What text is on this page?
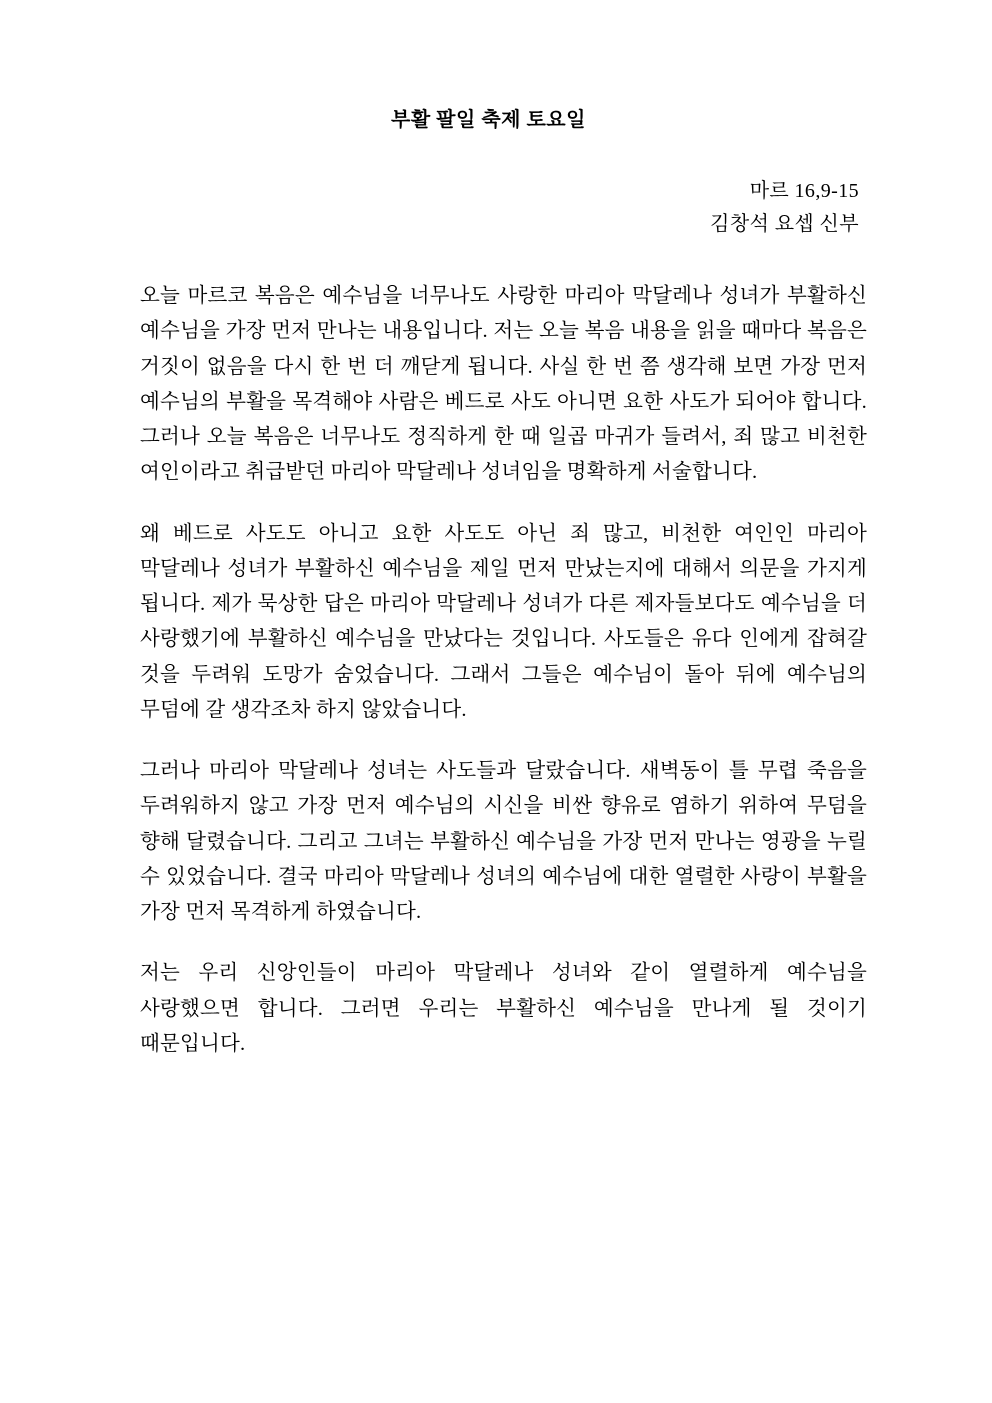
부활 팔일 축제 토요일
마르 16,9-15
김창석 요셉 신부

오늘 마르코 복음은 예수님을 너무나도 사랑한 마리아 막달레나 성녀가 부활하신 예수님을 가장 먼저 만나는 내용입니다. 저는 오늘 복음 내용을 읽을 때마다 복음은 거짓이 없음을 다시 한 번 더 깨닫게 됩니다. 사실 한 번 쯤 생각해 보면 가장 먼저 예수님의 부활을 목격해야 사람은 베드로 사도 아니면 요한 사도가 되어야 합니다. 그러나 오늘 복음은 너무나도 정직하게 한 때 일곱 마귀가 들려서, 죄 많고 비천한 여인이라고 취급받던 마리아 막달레나 성녀임을 명확하게 서술합니다.

왜 베드로 사도도 아니고 요한 사도도 아닌 죄 많고, 비천한 여인인 마리아 막달레나 성녀가 부활하신 예수님을 제일 먼저 만났는지에 대해서 의문을 가지게 됩니다. 제가 묵상한 답은 마리아 막달레나 성녀가 다른 제자들보다도 예수님을 더 사랑했기에 부활하신 예수님을 만났다는 것입니다. 사도들은 유다 인에게 잡혀갈 것을 두려워 도망가 숨었습니다. 그래서 그들은 예수님이 돌아 뒤에 예수님의 무덤에 갈 생각조차 하지 않았습니다.

그러나 마리아 막달레나 성녀는 사도들과 달랐습니다. 새벽동이 틀 무렵 죽음을 두려워하지 않고 가장 먼저 예수님의 시신을 비싼 향유로 염하기 위하여 무덤을 향해 달렸습니다. 그리고 그녀는 부활하신 예수님을 가장 먼저 만나는 영광을 누릴 수 있었습니다. 결국 마리아 막달레나 성녀의 예수님에 대한 열렬한 사랑이 부활을 가장 먼저 목격하게 하였습니다.

저는 우리 신앙인들이 마리아 막달레나 성녀와 같이 열렬하게 예수님을 사랑했으면 합니다. 그러면 우리는 부활하신 예수님을 만나게 될 것이기 때문입니다.
